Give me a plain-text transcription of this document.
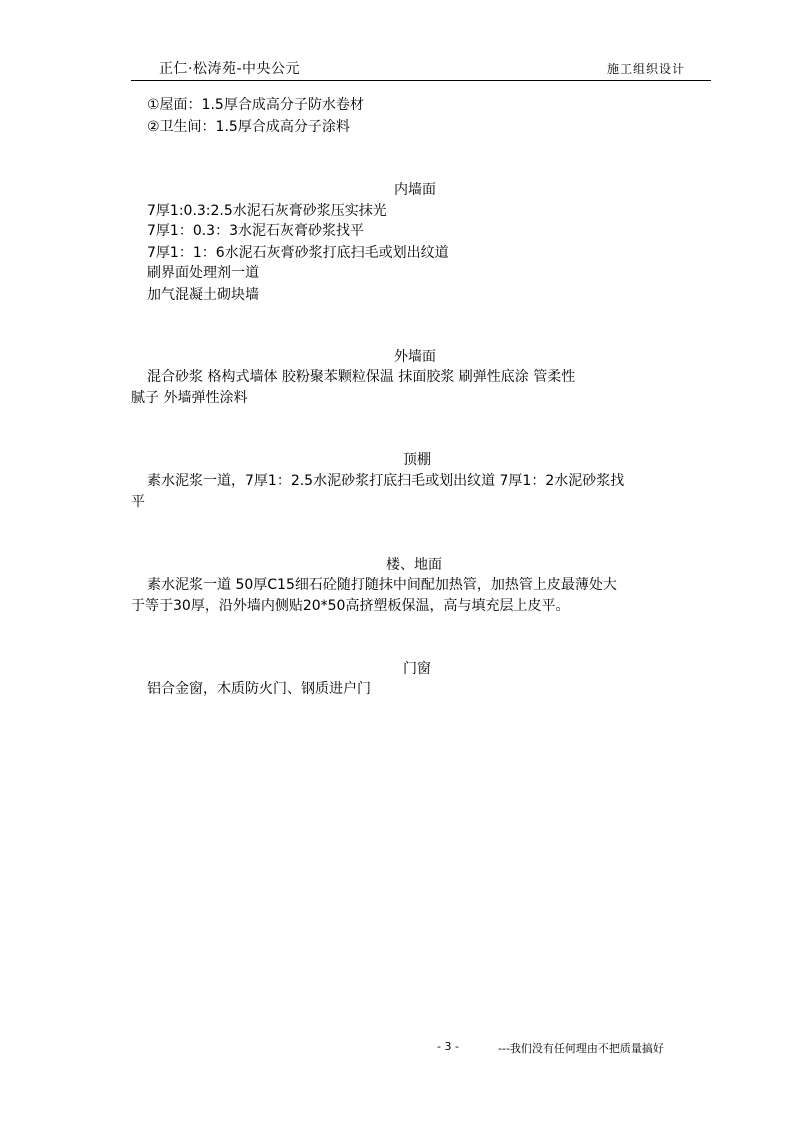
正仁·松涛苑-中央公元	施工组织设计
①屋面：1.5厚合成高分子防水卷材
②卫生间：1.5厚合成高分子涂料
内墙面
7厚1:0.3:2.5水泥石灰膏砂浆压实抹光
7厚1：0.3：3水泥石灰膏砂浆找平
7厚1：1：6水泥石灰膏砂浆打底扫毛或划出纹道
刷界面处理剂一道
加气混凝土砌块墙
外墙面
混合砂浆 格构式墙体 胶粉聚苯颗粒保温 抹面胶浆 刷弹性底涂 管柔性
腻子 外墙弹性涂料
顶棚
素水泥浆一道，7厚1：2.5水泥砂浆打底扫毛或划出纹道 7厚1：2水泥砂浆找
平
楼、地面
素水泥浆一道 50厚C15细石砼随打随抹中间配加热管，加热管上皮最薄处大
于等于30厚，沿外墙内侧贴20*50高挤塑板保温，高与填充层上皮平。
门窗
铝合金窗，木质防火门、钢质进户门
- 3 -	---我们没有任何理由不把质量搞好
